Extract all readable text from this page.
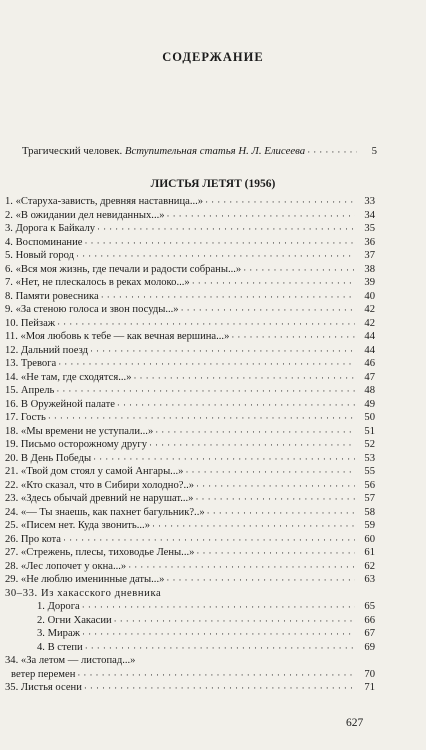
СОДЕРЖАНИЕ
Трагический человек.
Вступительная статья Н. Л. Елисеева · · ·	5
ЛИСТЬЯ ЛЕТЯТ (1956)
1. «Старуха-зависть, древняя наставница...» · · ·	33
2. «В ожидании дел невиданных...» · · ·	34
3. Дорога к Байкалу · · ·	35
4. Воспоминание · · ·	36
5. Новый город · · ·	37
6. «Вся моя жизнь, где печали и радости собраны...» · · ·	38
7. «Нет, не плескалось в реках молоко...» · · ·	39
8. Памяти ровесника · · ·	40
9. «За стеною голоса и звон посуды...» · · ·	42
10. Пейзаж · · ·	42
11. «Моя любовь к тебе — как вечная вершина...» · · ·	44
12. Дальний поезд · · ·	44
13. Тревога · · ·	46
14. «Не там, где сходятся...» · · ·	47
15. Апрель · · ·	48
16. В Оружейной палате · · ·	49
17. Гость · · ·	50
18. «Мы времени не уступали...» · · ·	51
19. Письмо осторожному другу · · ·	52
20. В День Победы · · ·	53
21. «Твой дом стоял у самой Ангары...» · · ·	55
22. «Кто сказал, что в Сибири холодно?..» · · ·	56
23. «Здесь обычай древний не нарушат...» · · ·	57
24. «— Ты знаешь, как пахнет багульник?..» · · ·	58
25. «Писем нет. Куда звонить...» · · ·	59
26. Про кота · · ·	60
27. «Стрежень, плесы, тиховодье Лены...» · · ·	61
28. «Лес лопочет у окна...» · · ·	62
29. «Не люблю именинные даты...» · · ·	63
30–33. Из хакасского дневника
1. Дорога · · ·	65
2. Огни Хакасии · · ·	66
3. Мираж · · ·	67
4. В степи · · ·	69
34. «За летом — листопад...»
ветер перемен · · ·	70
35. Листья осени · · ·	71
627
